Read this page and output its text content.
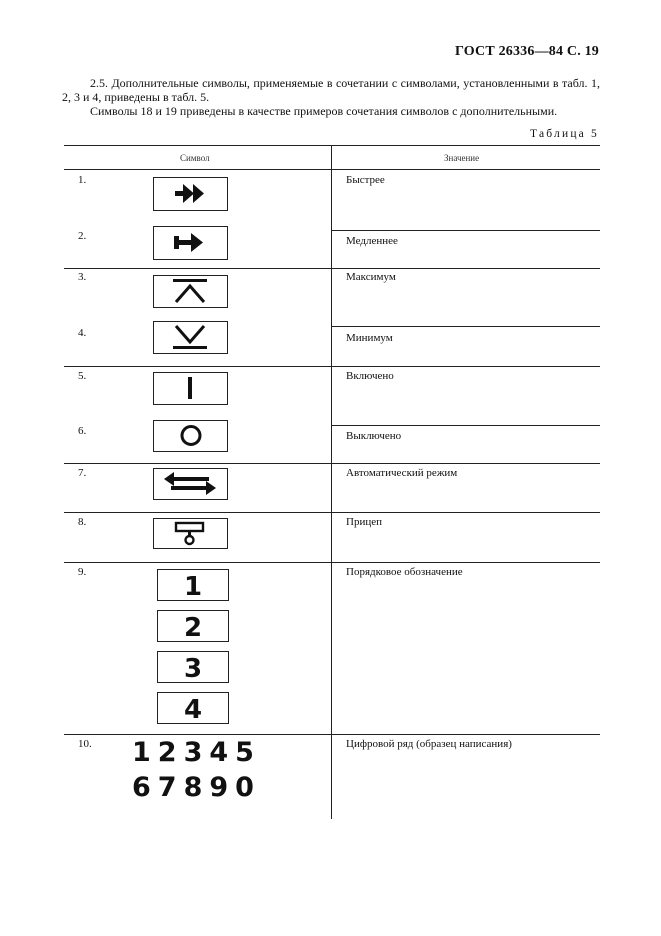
ГОСТ 26336—84 С. 19
2.5. Дополнительные символы, применяемые в сочетании с символами, установленными в табл. 1, 2, 3 и 4, приведены в табл. 5.
Символы 18 и 19 приведены в качестве примеров сочетания символов с дополнительными.
Таблица 5
Символ	Значение
1.
2.
3.
4.
5.
6.
7.
8.
9.
10.
Быстрее
Медленнее
Максимум
Минимум
Включено
Выключено
Автоматический режим
Прицеп
Порядковое обозначение
Цифровой ряд (образец написания)
1
2
3
4
12345
67890
